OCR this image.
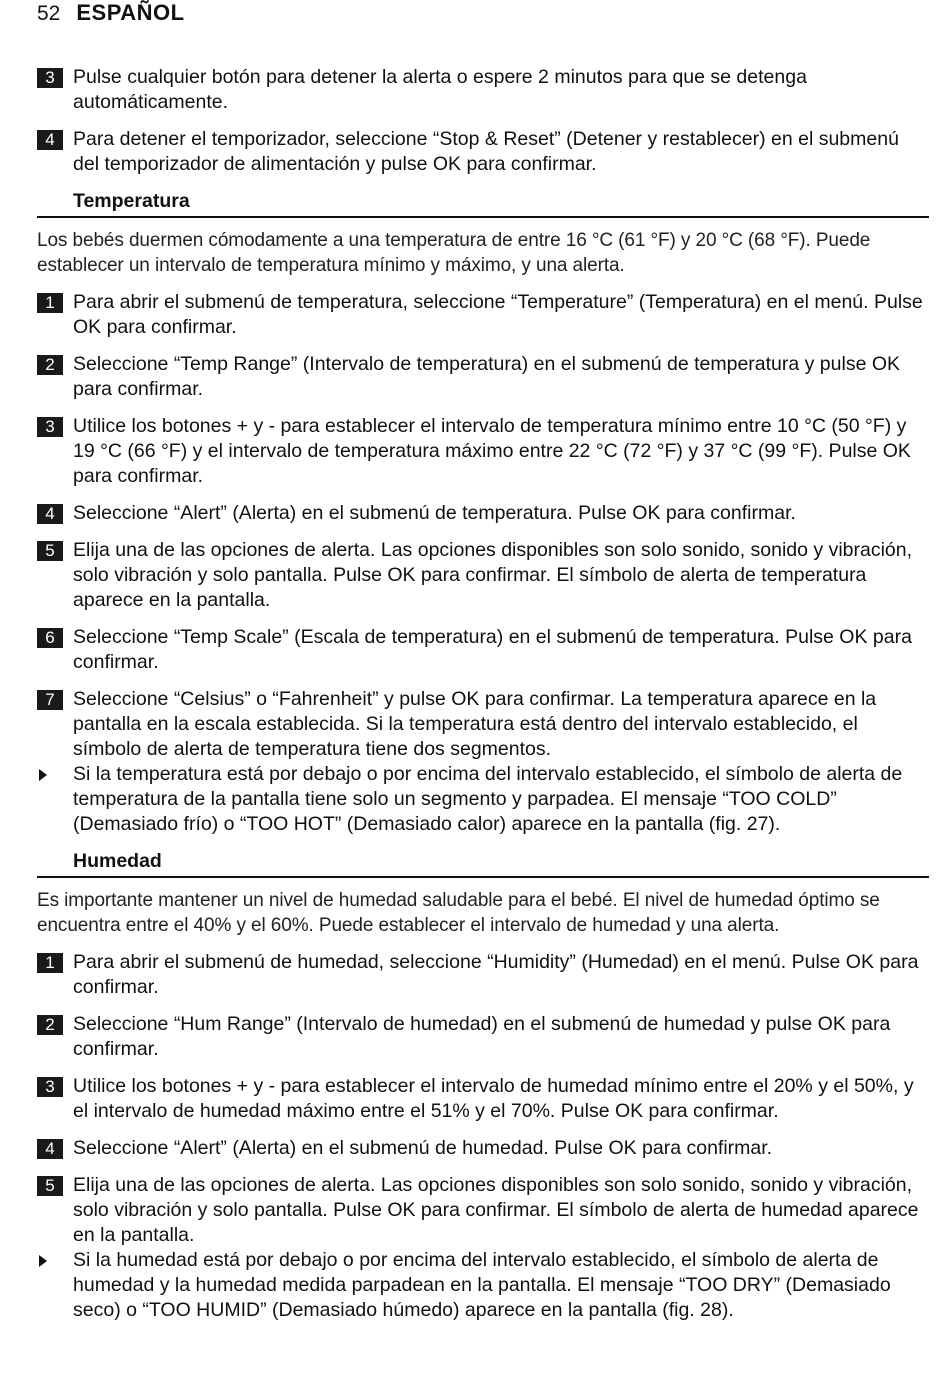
52 ESPAÑOL
3 Pulse cualquier botón para detener la alerta o espere 2 minutos para que se detenga automáticamente.
4 Para detener el temporizador, seleccione “Stop & Reset” (Detener y restablecer) en el submenú del temporizador de alimentación y pulse OK para confirmar.
Temperatura
Los bebés duermen cómodamente a una temperatura de entre 16 °C (61 °F) y 20 °C (68 °F). Puede establecer un intervalo de temperatura mínimo y máximo, y una alerta.
1 Para abrir el submenú de temperatura, seleccione “Temperature” (Temperatura) en el menú. Pulse OK para confirmar.
2 Seleccione “Temp Range” (Intervalo de temperatura) en el submenú de temperatura y pulse OK para confirmar.
3 Utilice los botones + y - para establecer el intervalo de temperatura mínimo entre 10 °C (50 °F) y 19 °C (66 °F) y el intervalo de temperatura máximo entre 22 °C (72 °F) y 37 °C (99 °F). Pulse OK para confirmar.
4 Seleccione “Alert” (Alerta) en el submenú de temperatura. Pulse OK para confirmar.
5 Elija una de las opciones de alerta. Las opciones disponibles son solo sonido, sonido y vibración, solo vibración y solo pantalla. Pulse OK para confirmar. El símbolo de alerta de temperatura aparece en la pantalla.
6 Seleccione “Temp Scale” (Escala de temperatura) en el submenú de temperatura. Pulse OK para confirmar.
7 Seleccione “Celsius” o “Fahrenheit” y pulse OK para confirmar. La temperatura aparece en la pantalla en la escala establecida. Si la temperatura está dentro del intervalo establecido, el símbolo de alerta de temperatura tiene dos segmentos.
Si la temperatura está por debajo o por encima del intervalo establecido, el símbolo de alerta de temperatura de la pantalla tiene solo un segmento y parpadea. El mensaje “TOO COLD” (Demasiado frío) o “TOO HOT” (Demasiado calor) aparece en la pantalla (fig. 27).
Humedad
Es importante mantener un nivel de humedad saludable para el bebé. El nivel de humedad óptimo se encuentra entre el 40% y el 60%. Puede establecer el intervalo de humedad y una alerta.
1 Para abrir el submenú de humedad, seleccione “Humidity” (Humedad) en el menú. Pulse OK para confirmar.
2 Seleccione “Hum Range” (Intervalo de humedad) en el submenú de humedad y pulse OK para confirmar.
3 Utilice los botones + y - para establecer el intervalo de humedad mínimo entre el 20% y el 50%, y el intervalo de humedad máximo entre el 51% y el 70%. Pulse OK para confirmar.
4 Seleccione “Alert” (Alerta) en el submenú de humedad. Pulse OK para confirmar.
5 Elija una de las opciones de alerta. Las opciones disponibles son solo sonido, sonido y vibración, solo vibración y solo pantalla. Pulse OK para confirmar. El símbolo de alerta de humedad aparece en la pantalla.
Si la humedad está por debajo o por encima del intervalo establecido, el símbolo de alerta de humedad y la humedad medida parpadean en la pantalla. El mensaje “TOO DRY” (Demasiado seco) o “TOO HUMID” (Demasiado húmedo) aparece en la pantalla (fig. 28).
